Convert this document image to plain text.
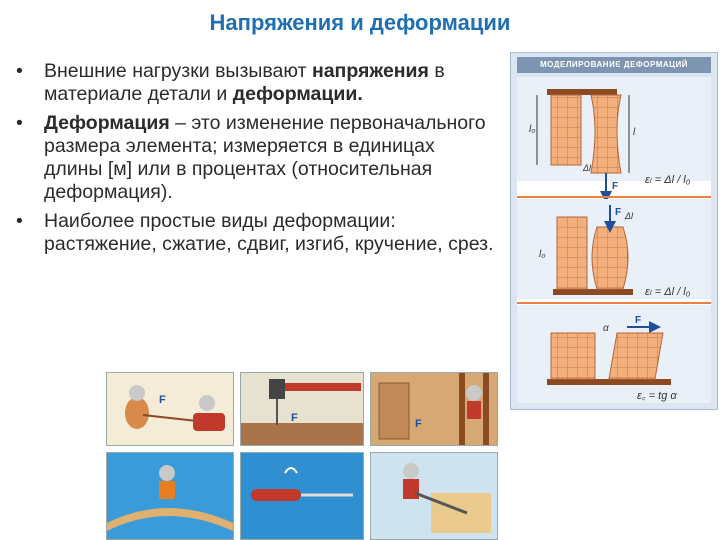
Напряжения и деформации
• Внешние нагрузки вызывают напряжения в материале детали и деформации.
• Деформация – это изменение первоначального размера элемента; измеряется в единицах длины [м] или в процентах (относительная деформация).
• Наиболее простые виды деформации: растяжение, сжатие, сдвиг, изгиб, кручение, срез.
МОДЕЛИРОВАНИЕ ДЕФОРМАЦИЙ
l₀
Δl
l
F
εₗ = Δl / l₀
l₀
Δl
F
εₗ = Δl / l₀
α
F
ε꜀ = tg α
F
F	F
